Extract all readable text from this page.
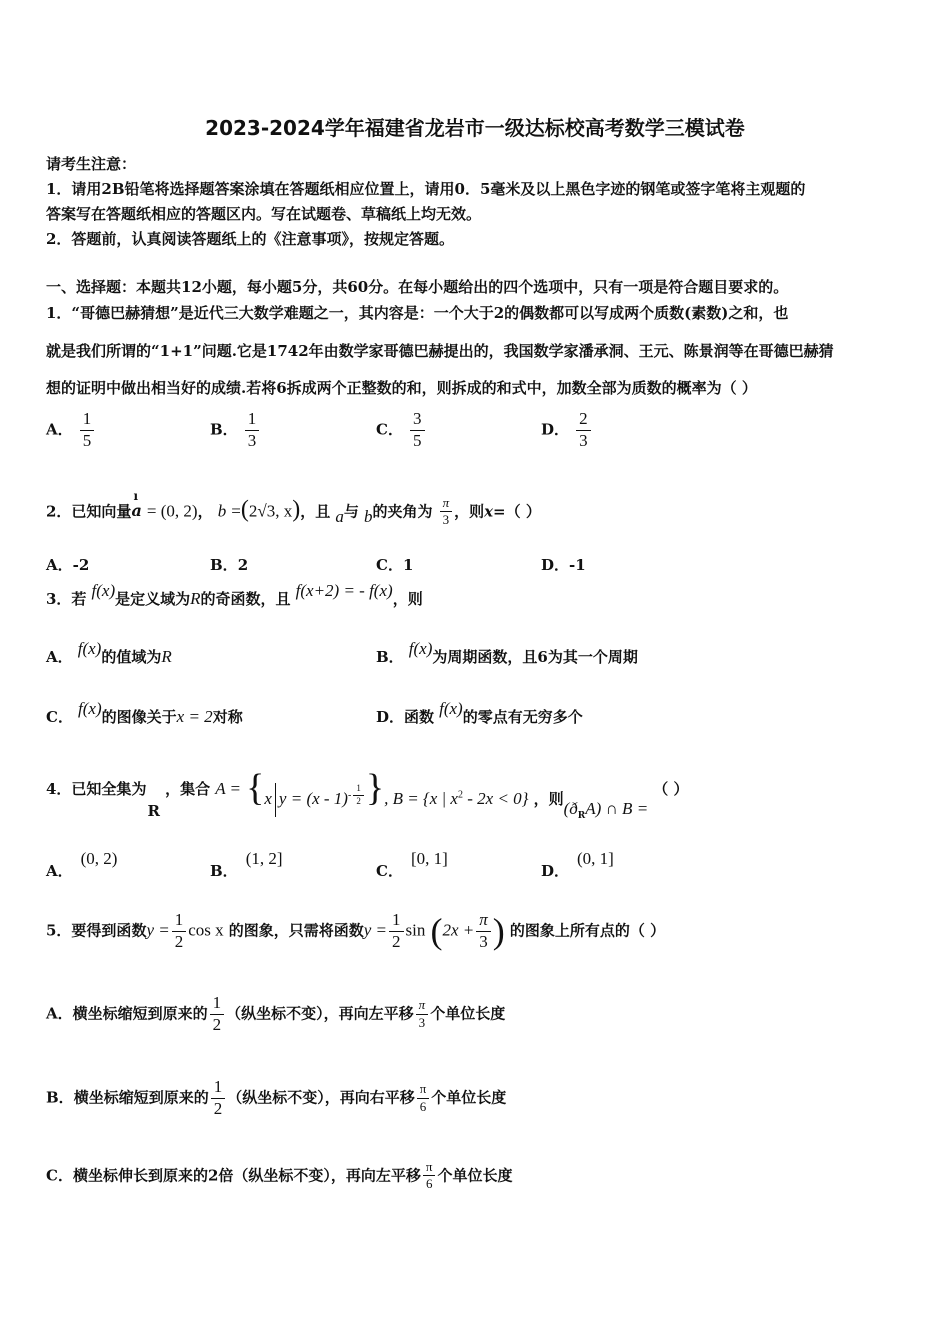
2023-2024学年福建省龙岩市一级达标校高考数学三模试卷
请考生注意：
1．请用2B铅笔将选择题答案涂填在答题纸相应位置上，请用0．5毫米及以上黑色字迹的钢笔或签字笔将主观题的
答案写在答题纸相应的答题区内。写在试题卷、草稿纸上均无效。
2．答题前，认真阅读答题纸上的《注意事项》，按规定答题。
一、选择题：本题共12小题，每小题5分，共60分。在每小题给出的四个选项中，只有一项是符合题目要求的。
1．“哥德巴赫猜想”是近代三大数学难题之一，其内容是：一个大于2的偶数都可以写成两个质数(素数)之和，也
就是我们所谓的“1+1”问题.它是1742年由数学家哥德巴赫提出的，我国数学家潘承洞、王元、陈景润等在哥德巴赫猜
想的证明中做出相当好的成绩.若将6拆成两个正整数的和，则拆成的和式中，加数全部为质数的概率为（ ）
A． $\frac{1}{5}$	B． $\frac{1}{3}$	C． $\frac{3}{5}$	D． $\frac{2}{3}$
2．已知向量
ı
a = (0, 2)， b =(2√3, x)，且 a与 b的夹角为 $\frac{\pi}{3}$ ，则x=（ ）
A．-2	B．2	C．1	D．-1
3．若 f(x)是定义域为R的奇函数，且 f(x+2) = - f(x)，则
A． f(x)的值域为R	B． f(x)为周期函数，且6为其一个周期
C． f(x)的图像关于x = 2对称	D．函数 f(x)的零点有无穷多个
4．已知全集为 R ，集合 A = {x y = (x - 1)$^{- \frac{1}{2}}$ }, B = {x | $x^2 - 2x < 0$} ，则$(ð_RA)$ ∩ B = （ ）
A．(0, 2)
B．(1, 2]
C．[0, 1]
D．(0, 1]
5．要得到函数$y = \frac{1}{2}$ cos x 的图象，只需将函数$y = \frac{1}{2}$ $\sin (2x + \frac{\pi}{3}$ ) 的图象上所有点的（ ）
A．横坐标缩短到原来的 $\frac{1}{2}$ （纵坐标不变），再向左平移 $\frac{\pi}{3}$ 个单位长度
B．横坐标缩短到原来的 $\frac{1}{2}$ （纵坐标不变），再向右平移 $\frac{\pi}{6}$ 个单位长度
C．横坐标伸长到原来的2倍（纵坐标不变），再向左平移 $\frac{\pi}{6}$ 个单位长度
